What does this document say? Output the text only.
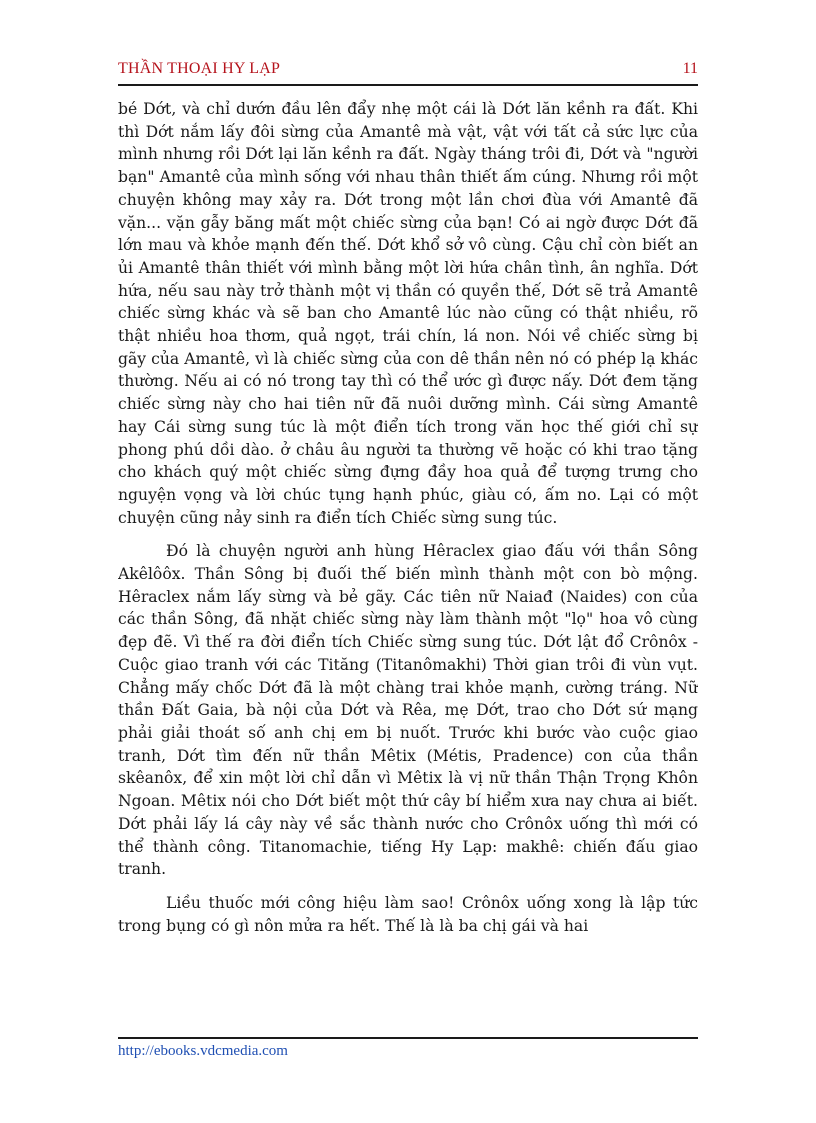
THẦN THOẠI HY LẠP	11

bé Dớt, và chỉ dướn đầu lên đẩy nhẹ một cái là Dớt lăn kềnh ra đất. Khi thì Dớt nắm lấy đôi sừng của Amantê mà vật, vật với tất cả sức lực của mình nhưng rồi Dớt lại lăn kềnh ra đất. Ngày tháng trôi đi, Dớt và "người bạn" Amantê của mình sống với nhau thân thiết ấm cúng. Nhưng rồi một chuyện không may xảy ra. Dớt trong một lần chơi đùa với Amantê đã vặn... vặn gẫy băng mất một chiếc sừng của bạn! Có ai ngờ được Dớt đã lớn mau và khỏe mạnh đến thế. Dớt khổ sở vô cùng. Cậu chỉ còn biết an ủi Amantê thân thiết với mình bằng một lời hứa chân tình, ân nghĩa. Dớt hứa, nếu sau này trở thành một vị thần có quyền thế, Dớt sẽ trả Amantê chiếc sừng khác và sẽ ban cho Amantê lúc nào cũng có thật nhiều, rõ thật nhiều hoa thơm, quả ngọt, trái chín, lá non. Nói về chiếc sừng bị gãy của Amantê, vì là chiếc sừng của con dê thần nên nó có phép lạ khác thường. Nếu ai có nó trong tay thì có thể ước gì được nấy. Dớt đem tặng chiếc sừng này cho hai tiên nữ đã nuôi dưỡng mình. Cái sừng Amantê hay Cái sừng sung túc là một điển tích trong văn học thế giới chỉ sự phong phú dồi dào. ở châu âu người ta thường vẽ hoặc có khi trao tặng cho khách quý một chiếc sừng đựng đầy hoa quả để tượng trưng cho nguyện vọng và lời chúc tụng hạnh phúc, giàu có, ấm no. Lại có một chuyện cũng nảy sinh ra điển tích Chiếc sừng sung túc.

Đó là chuyện người anh hùng Hêraclex giao đấu với thần Sông Akêlôôx. Thần Sông bị đuối thế biến mình thành một con bò mộng. Hêraclex nắm lấy sừng và bẻ gãy. Các tiên nữ Naiađ (Naides) con của các thần Sông, đã nhặt chiếc sừng này làm thành một "lọ" hoa vô cùng đẹp đẽ. Vì thế ra đời điển tích Chiếc sừng sung túc. Dớt lật đổ Crônôx -Cuộc giao tranh với các Tităng (Titanômakhi) Thời gian trôi đi vùn vụt. Chẳng mấy chốc Dớt đã là một chàng trai khỏe mạnh, cường tráng. Nữ thần Đất Gaia, bà nội của Dớt và Rêa, mẹ Dớt, trao cho Dớt sứ mạng phải giải thoát số anh chị em bị nuốt. Trước khi bước vào cuộc giao tranh, Dớt tìm đến nữ thần Mêtix (Métis, Pradence) con của thần skêanôx, để xin một lời chỉ dẫn vì Mêtix là vị nữ thần Thận Trọng Khôn Ngoan. Mêtix nói cho Dớt biết một thứ cây bí hiểm xưa nay chưa ai biết. Dớt phải lấy lá cây này về sắc thành nước cho Crônôx uống thì mới có thể thành công. Titanomachie, tiếng Hy Lạp: makhê: chiến đấu giao tranh.

Liều thuốc mới công hiệu làm sao! Crônôx uống xong là lập tức trong bụng có gì nôn mửa ra hết. Thế là là ba chị gái và hai

http://ebooks.vdcmedia.com
